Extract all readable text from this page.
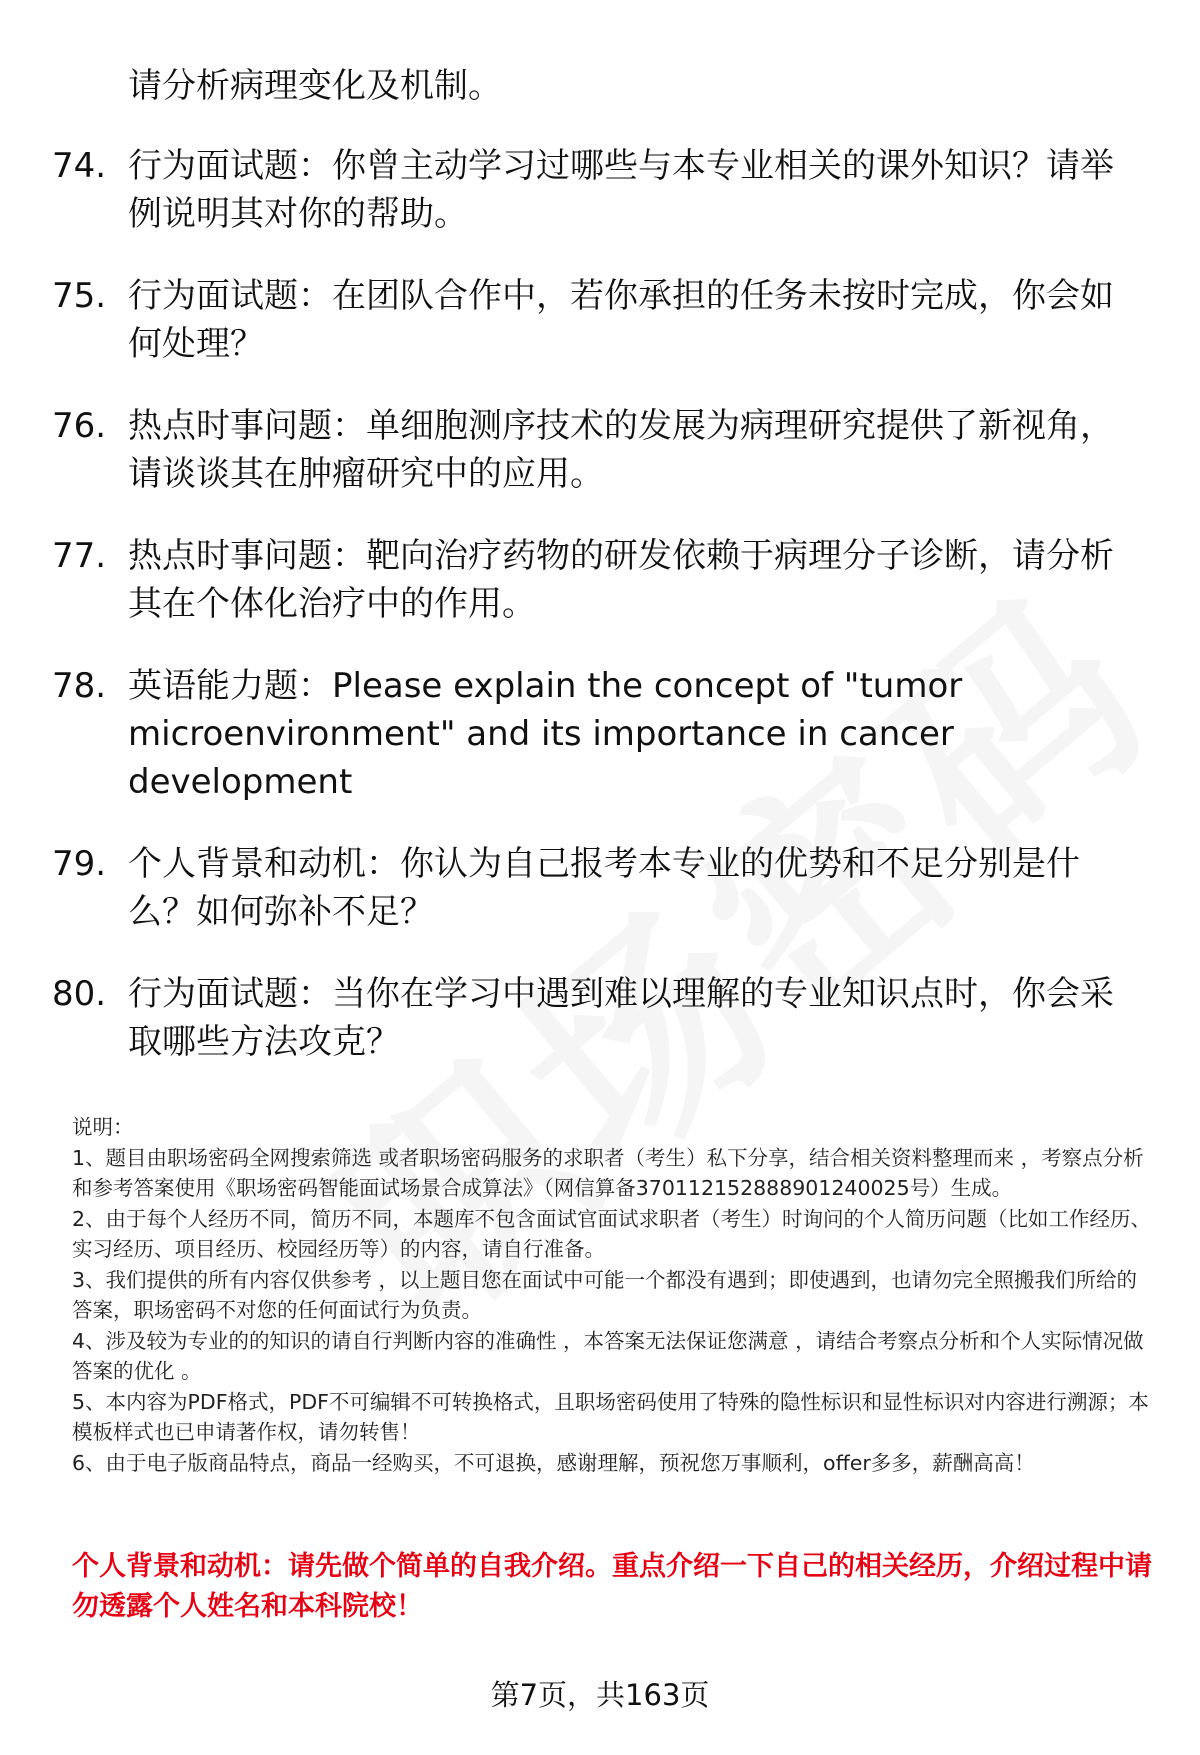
请分析病理变化及机制。
74. 行为面试题：你曾主动学习过哪些与本专业相关的课外知识？请举例说明其对你的帮助。
75. 行为面试题：在团队合作中，若你承担的任务未按时完成，你会如何处理？
76. 热点时事问题：单细胞测序技术的发展为病理研究提供了新视角，请谈谈其在肿瘤研究中的应用。
77. 热点时事问题：靶向治疗药物的研发依赖于病理分子诊断，请分析其在个体化治疗中的作用。
78. 英语能力题：Please explain the concept of "tumor microenvironment" and its importance in cancer development
79. 个人背景和动机：你认为自己报考本专业的优势和不足分别是什么？如何弥补不足？
80. 行为面试题：当你在学习中遇到难以理解的专业知识点时，你会采取哪些方法攻克？

说明：

1、题目由职场密码全网搜索筛选 或者职场密码服务的求职者（考生）私下分享，结合相关资料整理而来 ，考察点分析和参考答案使用《职场密码智能面试场景合成算法》（网信算备370112152888901240025号）生成。

2、由于每个人经历不同，简历不同，本题库不包含面试官面试求职者（考生）时询问的个人简历问题（比如工作经历、实习经历、项目经历、校园经历等）的内容，请自行准备。

3、我们提供的所有内容仅供参考 ，以上题目您在面试中可能一个都没有遇到；即使遇到，也请勿完全照搬我们所给的答案，职场密码不对您的任何面试行为负责。

4、涉及较为专业的的知识的请自行判断内容的准确性 ，本答案无法保证您满意 ，请结合考察点分析和个人实际情况做答案的优化 。

5、本内容为PDF格式，PDF不可编辑不可转换格式，且职场密码使用了特殊的隐性标识和显性标识对内容进行溯源；本模板样式也已申请著作权，请勿转售！

6、由于电子版商品特点，商品一经购买，不可退换，感谢理解，预祝您万事顺利，offer多多，薪酬高高！

个人背景和动机：请先做个简单的自我介绍。重点介绍一下自己的相关经历，介绍过程中请勿透露个人姓名和本科院校！
第7页，共163页
